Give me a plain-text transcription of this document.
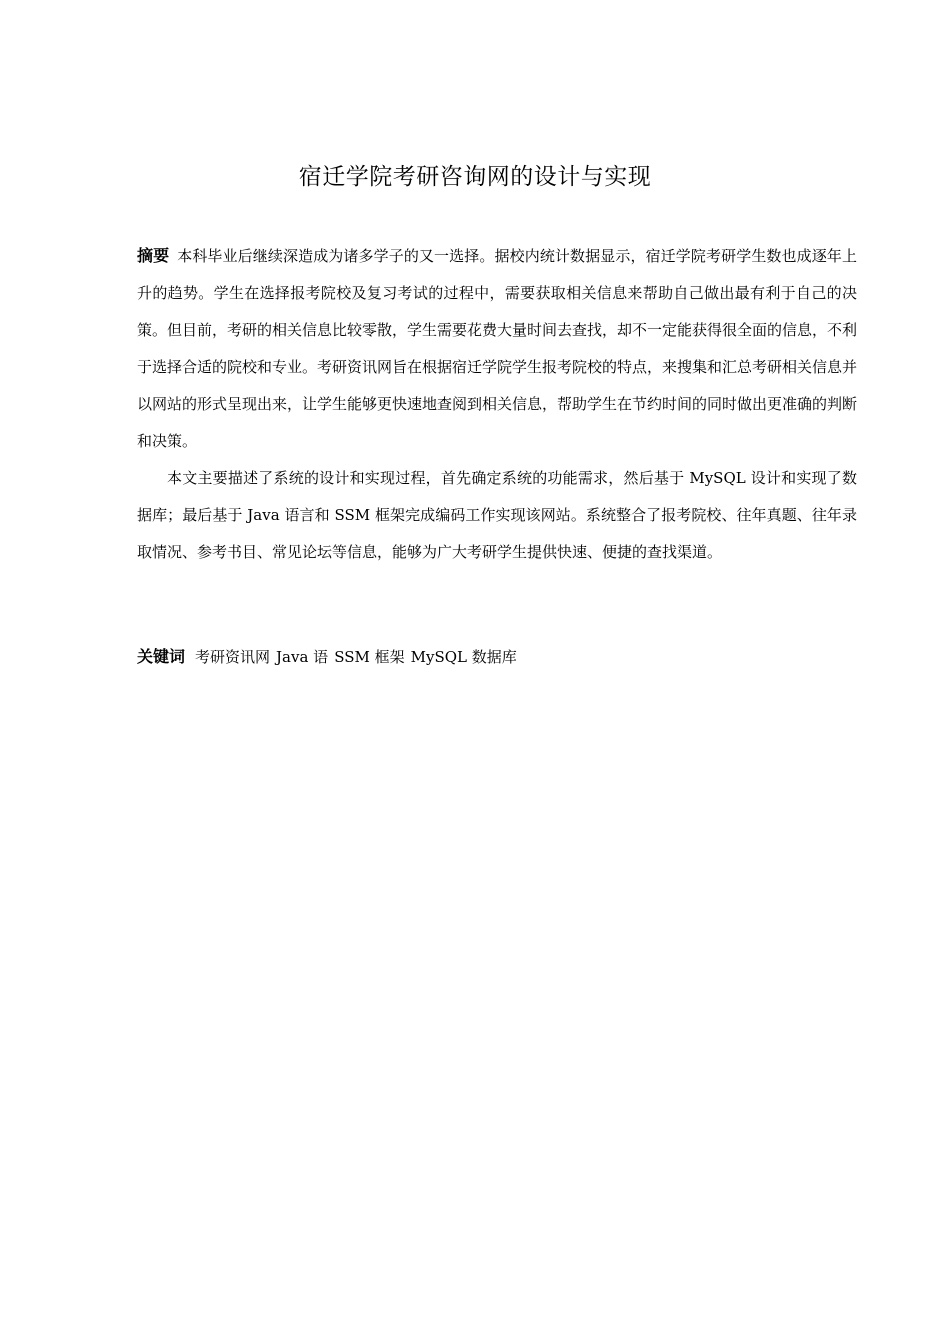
宿迁学院考研咨询网的设计与实现

摘要 本科毕业后继续深造成为诸多学子的又一选择。据校内统计数据显示，宿迁学院考研学生数也成逐年上升的趋势。学生在选择报考院校及复习考试的过程中，需要获取相关信息来帮助自己做出最有利于自己的决策。但目前，考研的相关信息比较零散，学生需要花费大量时间去查找，却不一定能获得很全面的信息，不利于选择合适的院校和专业。考研资讯网旨在根据宿迁学院学生报考院校的特点，来搜集和汇总考研相关信息并以网站的形式呈现出来，让学生能够更快速地查阅到相关信息，帮助学生在节约时间的同时做出更准确的判断和决策。

本文主要描述了系统的设计和实现过程，首先确定系统的功能需求，然后基于 MySQL 设计和实现了数据库；最后基于 Java 语言和 SSM 框架完成编码工作实现该网站。系统整合了报考院校、往年真题、往年录取情况、参考书目、常见论坛等信息，能够为广大考研学生提供快速、便捷的查找渠道。

关键词 考研资讯网 Java 语 SSM 框架 MySQL 数据库
